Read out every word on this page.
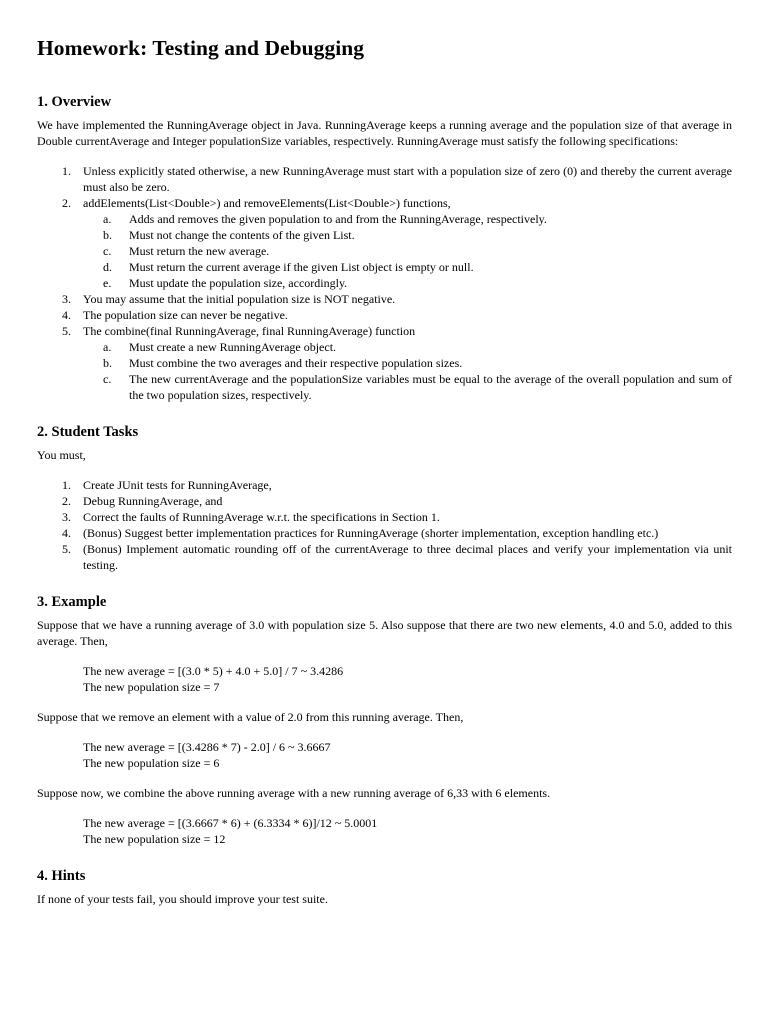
Homework: Testing and Debugging
1. Overview

We have implemented the RunningAverage object in Java. RunningAverage keeps a running average and the population size of that average in Double currentAverage and Integer populationSize variables, respectively. RunningAverage must satisfy the following specifications:

1. Unless explicitly stated otherwise, a new RunningAverage must start with a population size of zero (0) and thereby the current average must also be zero.
2. addElements(List<Double>) and removeElements(List<Double>) functions,
a.	Adds and removes the given population to and from the RunningAverage, respectively.
b.	Must not change the contents of the given List.
c.	Must return the new average.
d.	Must return the current average if the given List object is empty or null.
e.	Must update the population size, accordingly.
3. You may assume that the initial population size is NOT negative.
4. The population size can never be negative.
5. The combine(final RunningAverage, final RunningAverage) function
a.	Must create a new RunningAverage object.
b.	Must combine the two averages and their respective population sizes.
c.	The new currentAverage and the populationSize variables must be equal to the average of the overall population and sum of the two population sizes, respectively.
2. Student Tasks

You must,

1. Create JUnit tests for RunningAverage,
2. Debug RunningAverage, and
3. Correct the faults of RunningAverage w.r.t. the specifications in Section 1.
4. (Bonus) Suggest better implementation practices for RunningAverage (shorter implementation, exception handling etc.)
5. (Bonus) Implement automatic rounding off of the currentAverage to three decimal places and verify your implementation via unit testing.
3. Example

Suppose that we have a running average of 3.0 with population size 5. Also suppose that there are two new elements, 4.0 and 5.0, added to this average. Then,

The new average = [(3.0 * 5) + 4.0 + 5.0] / 7 ~ 3.4286
The new population size = 7

Suppose that we remove an element with a value of 2.0 from this running average. Then,

The new average = [(3.4286 * 7) - 2.0] / 6 ~ 3.6667
The new population size = 6

Suppose now, we combine the above running average with a new running average of 6,33 with 6 elements.

The new average = [(3.6667 * 6) + (6.3334 * 6)]/12 ~ 5.0001
The new population size = 12
4. Hints

If none of your tests fail, you should improve your test suite.
